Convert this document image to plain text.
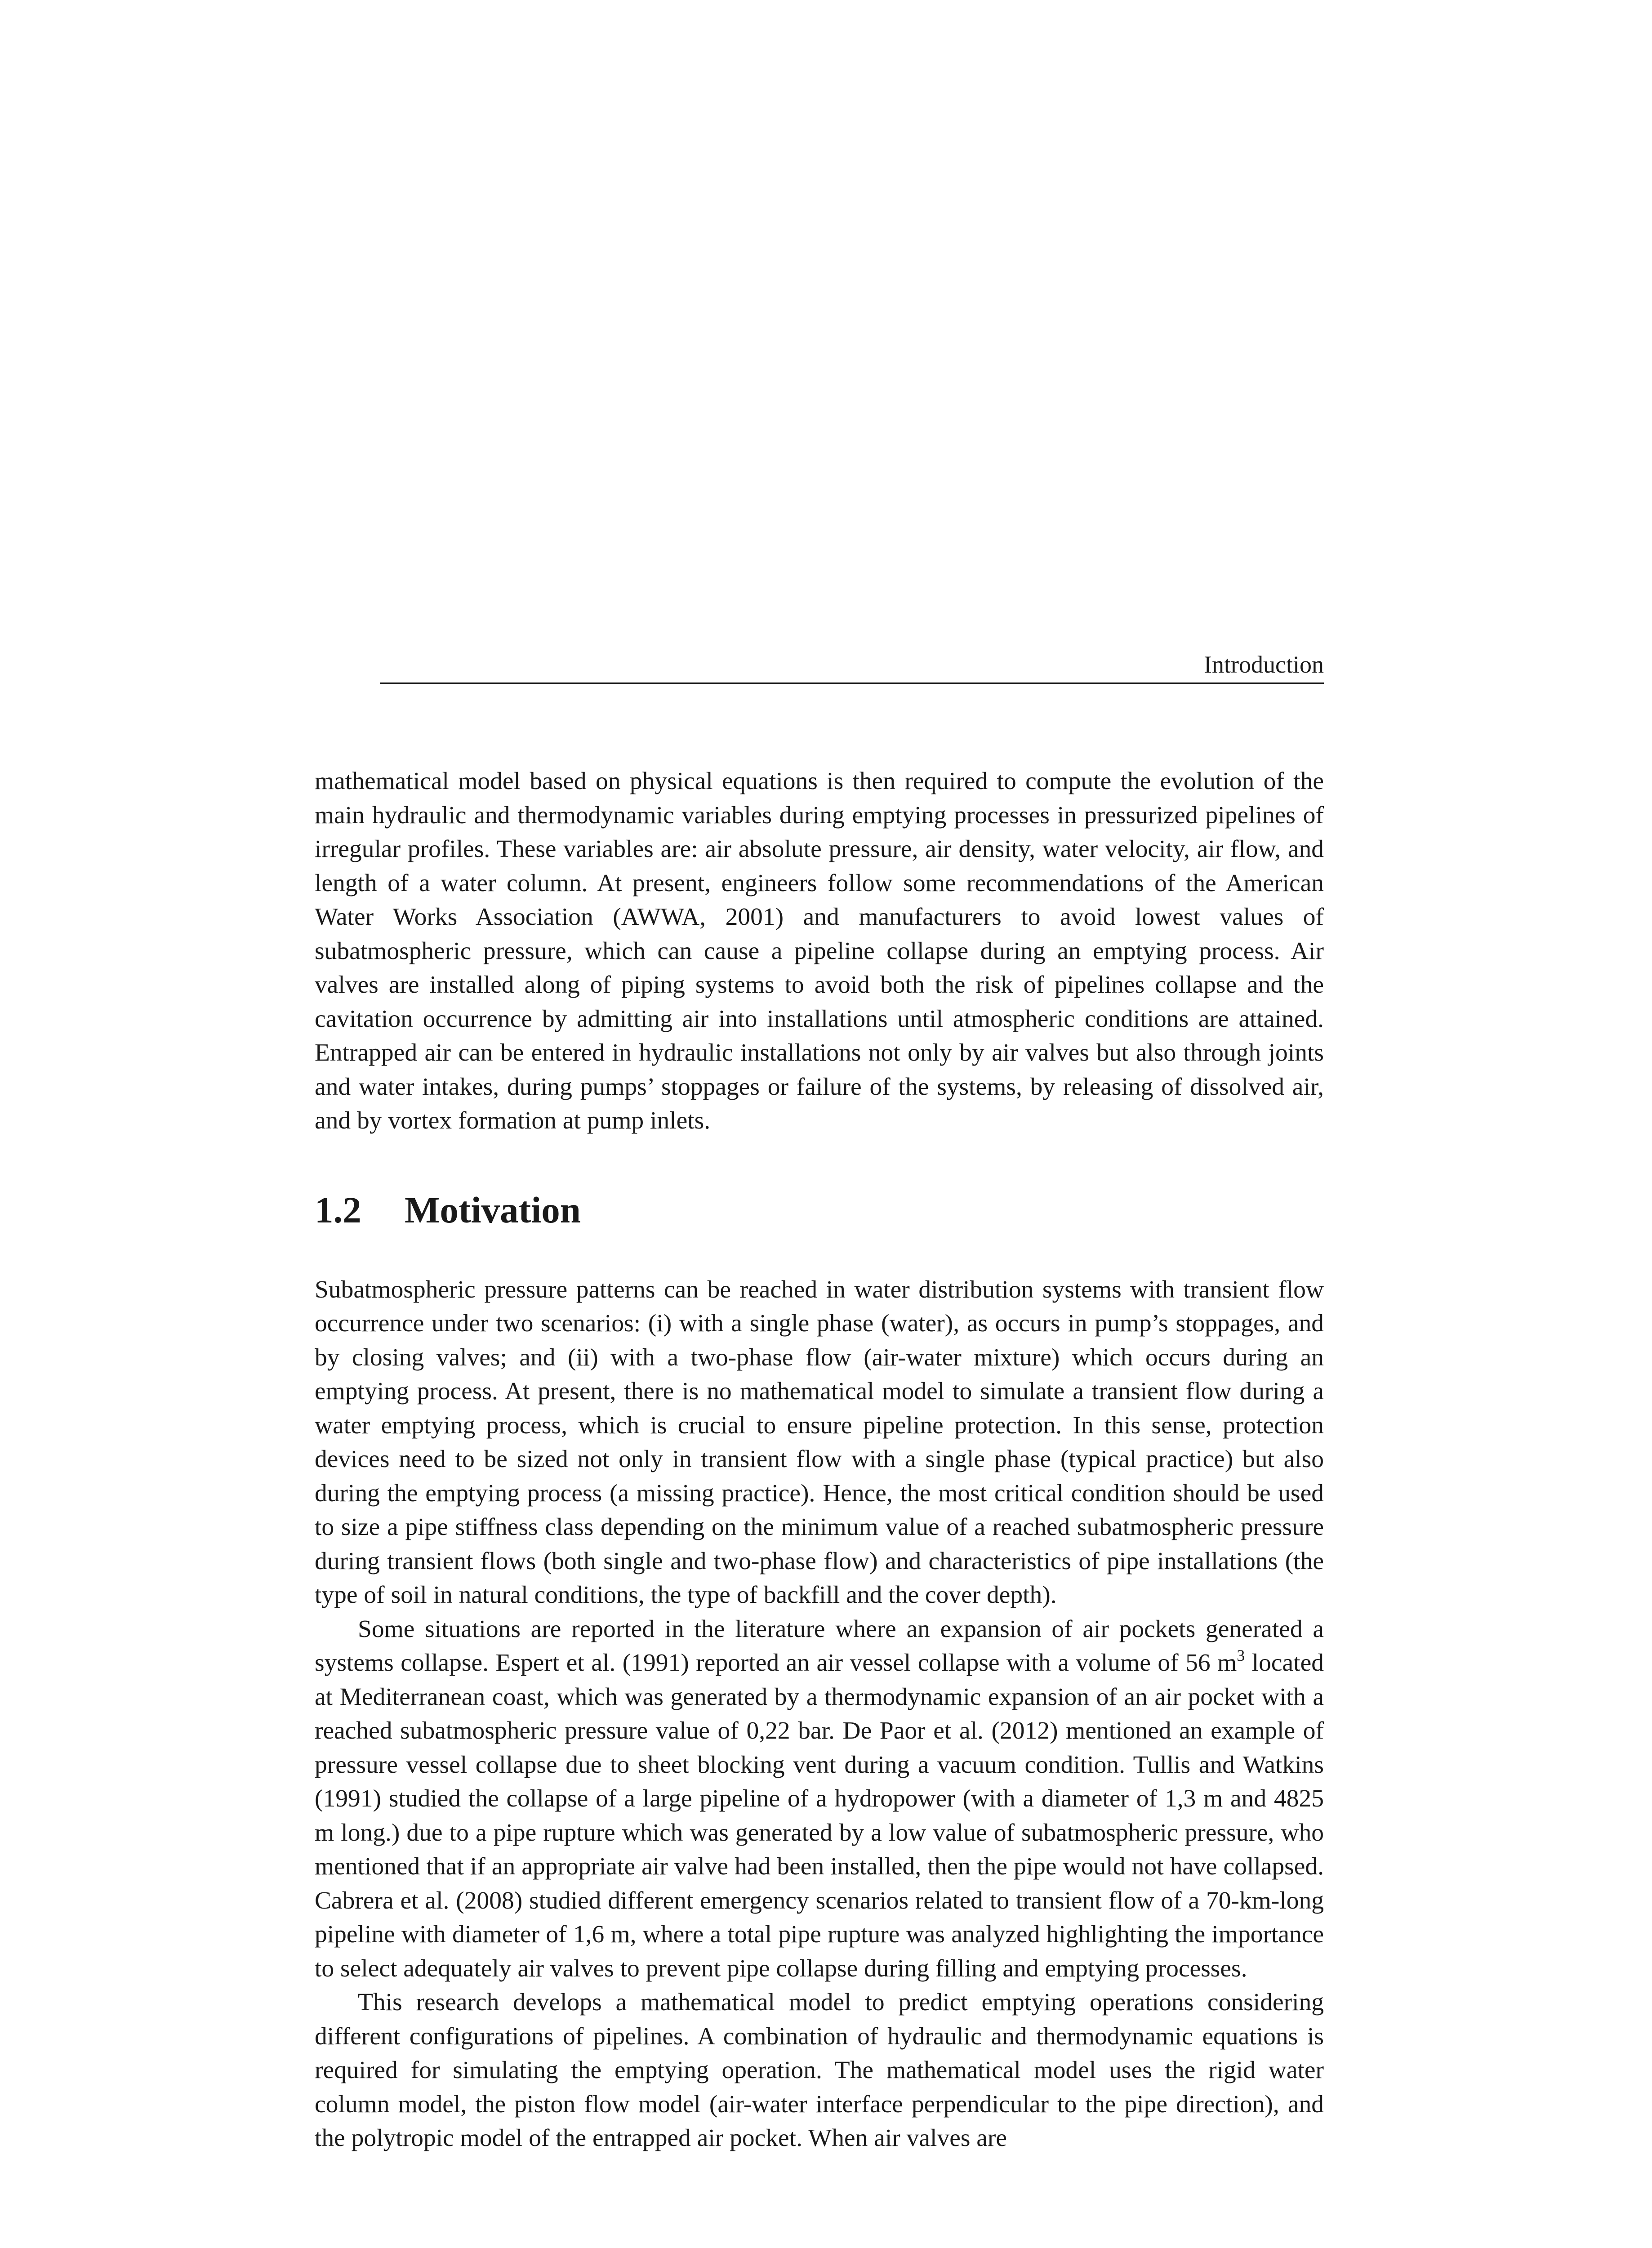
Introduction

mathematical model based on physical equations is then required to compute the evolution of the main hydraulic and thermodynamic variables during emptying processes in pressurized pipelines of irregular profiles. These variables are: air absolute pressure, air density, water velocity, air flow, and length of a water column. At present, engineers follow some recommendations of the American Water Works Association (AWWA, 2001) and manufacturers to avoid lowest values of subatmospheric pressure, which can cause a pipeline collapse during an emptying process. Air valves are installed along of piping systems to avoid both the risk of pipelines collapse and the cavitation occurrence by admitting air into installations until atmospheric conditions are attained. Entrapped air can be entered in hydraulic installations not only by air valves but also through joints and water intakes, during pumps’ stoppages or failure of the systems, by releasing of dissolved air, and by vortex formation at pump inlets.

1.2 Motivation

Subatmospheric pressure patterns can be reached in water distribution systems with transient flow occurrence under two scenarios: (i) with a single phase (water), as occurs in pump’s stoppages, and by closing valves; and (ii) with a two-phase flow (air-water mixture) which occurs during an emptying process. At present, there is no mathematical model to simulate a transient flow during a water emptying process, which is crucial to ensure pipeline protection. In this sense, protection devices need to be sized not only in transient flow with a single phase (typical practice) but also during the emptying process (a missing practice). Hence, the most critical condition should be used to size a pipe stiffness class depending on the minimum value of a reached subatmospheric pressure during transient flows (both single and two-phase flow) and characteristics of pipe installations (the type of soil in natural conditions, the type of backfill and the cover depth).

Some situations are reported in the literature where an expansion of air pockets generated a systems collapse. Espert et al. (1991) reported an air vessel collapse with a volume of 56 $m^3$ located at Mediterranean coast, which was generated by a thermodynamic expansion of an air pocket with a reached subatmospheric pressure value of 0,22 bar. De Paor et al. (2012) mentioned an example of pressure vessel collapse due to sheet blocking vent during a vacuum condition. Tullis and Watkins (1991) studied the collapse of a large pipeline of a hydropower (with a diameter of 1,3 m and 4825 m long.) due to a pipe rupture which was generated by a low value of subatmospheric pressure, who mentioned that if an appropriate air valve had been installed, then the pipe would not have collapsed. Cabrera et al. (2008) studied different emergency scenarios related to transient flow of a 70-km-long pipeline with diameter of 1,6 m, where a total pipe rupture was analyzed highlighting the importance to select adequately air valves to prevent pipe collapse during filling and emptying processes.

This research develops a mathematical model to predict emptying operations considering different configurations of pipelines. A combination of hydraulic and thermodynamic equations is required for simulating the emptying operation. The mathematical model uses the rigid water column model, the piston flow model (air-water interface perpendicular to the pipe direction), and the polytropic model of the entrapped air pocket. When air valves are
